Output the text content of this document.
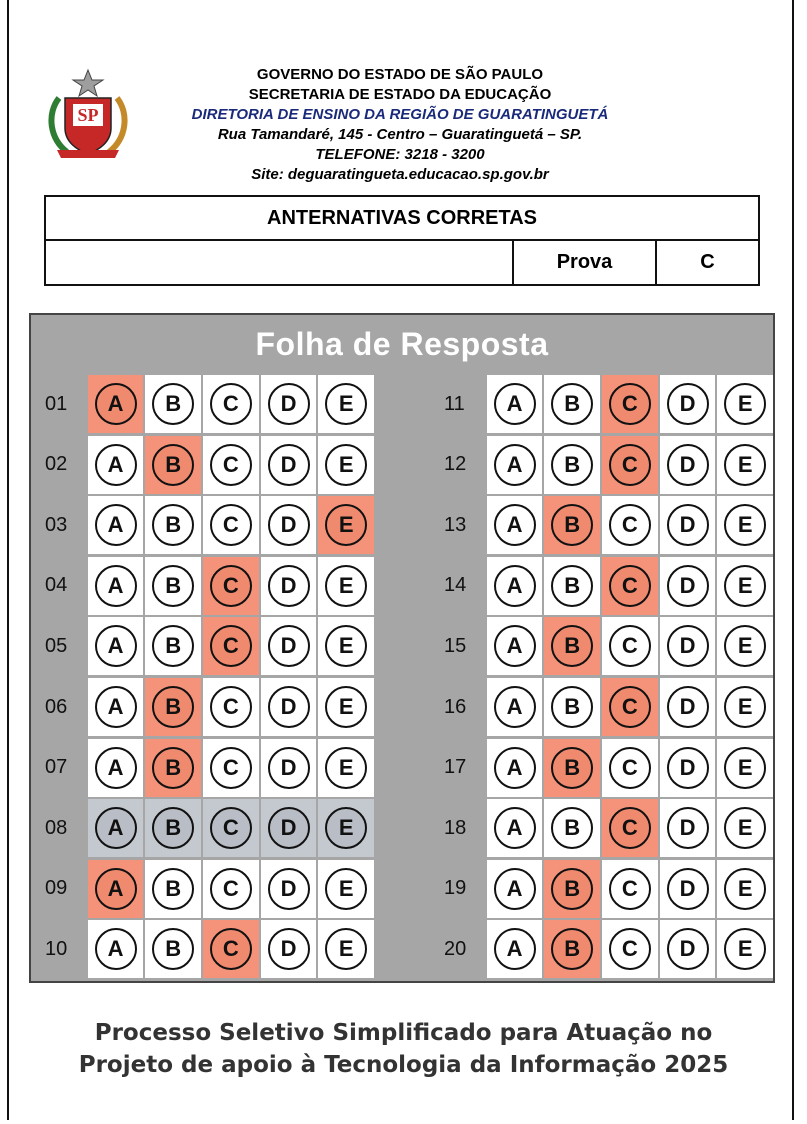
SP
GOVERNO DO ESTADO DE SÃO PAULO
SECRETARIA DE ESTADO DA EDUCAÇÃO
DIRETORIA DE ENSINO DA REGIÃO DE GUARATINGUETÁ
Rua Tamandaré, 145 - Centro – Guaratinguetá – SP.
TELEFONE: 3218 - 3200
Site: deguaratingueta.educacao.sp.gov.br
ANTERNATIVAS CORRETAS
Prova	C
Folha de Resposta
01	A	B	C	D	E
02	A	B	C	D	E
03	A	B	C	D	E
04	A	B	C	D	E
05	A	B	C	D	E
06	A	B	C	D	E
07	A	B	C	D	E
08	A	B	C	D	E
09	A	B	C	D	E
10	A	B	C	D	E
11	A	B	C	D	E
12	A	B	C	D	E
13	A	B	C	D	E
14	A	B	C	D	E
15	A	B	C	D	E
16	A	B	C	D	E
17	A	B	C	D	E
18	A	B	C	D	E
19	A	B	C	D	E
20	A	B	C	D	E
Processo Seletivo Simplificado para Atuação no
Projeto de apoio à Tecnologia da Informação 2025
